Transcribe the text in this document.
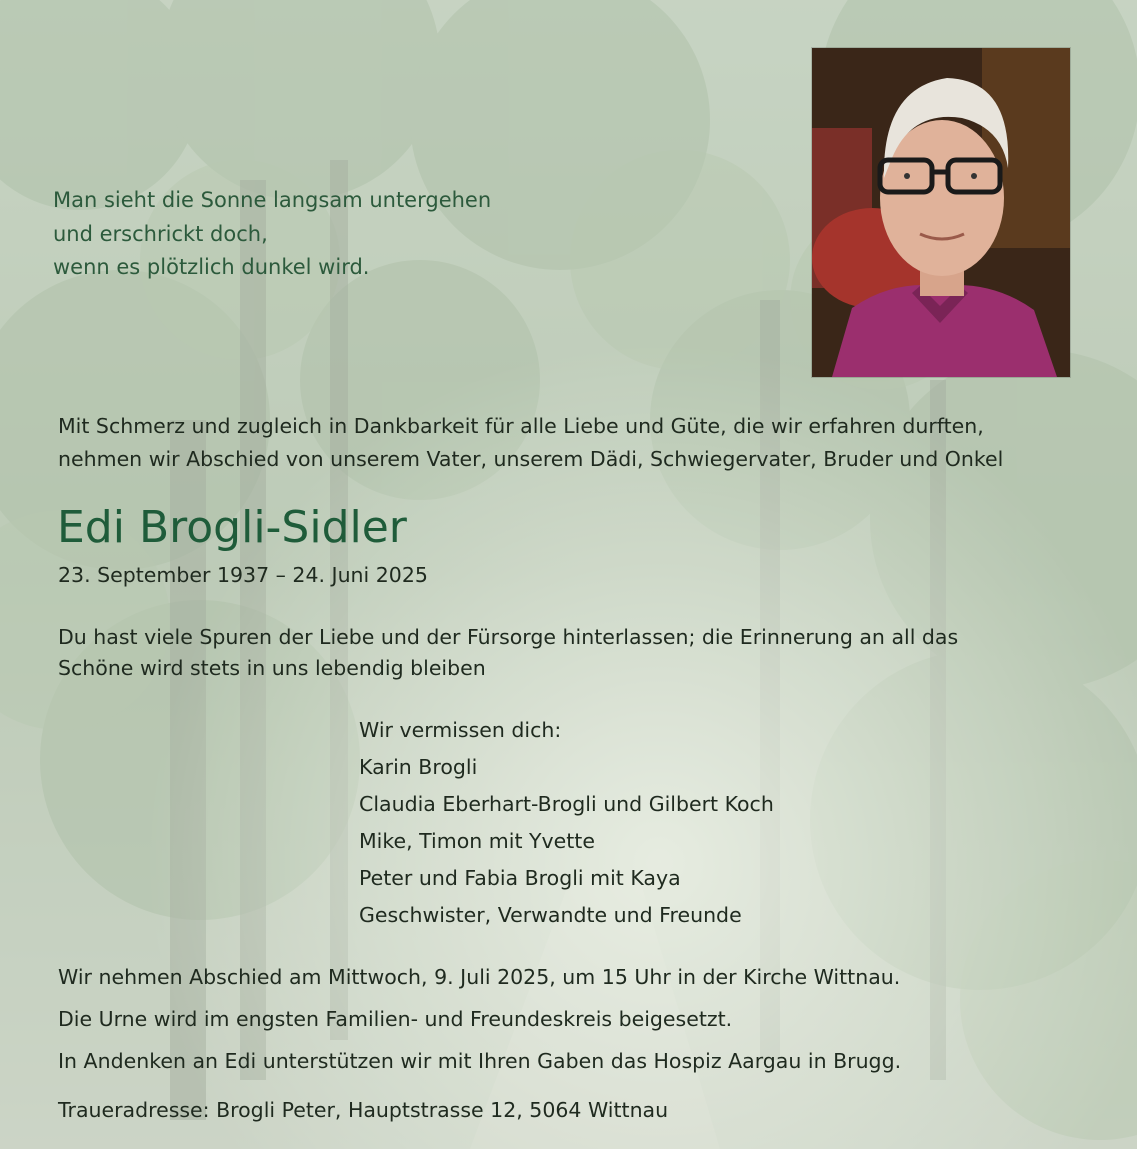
Man sieht die Sonne langsam untergehen
und erschrickt doch,
wenn es plötzlich dunkel wird.
Mit Schmerz und zugleich in Dankbarkeit für alle Liebe und Güte, die wir erfahren durften,
nehmen wir Abschied von unserem Vater, unserem Dädi, Schwiegervater, Bruder und Onkel
Edi Brogli-Sidler
23. September 1937 – 24. Juni 2025
Du hast viele Spuren der Liebe und der Fürsorge hinterlassen; die Erinnerung an all das
Schöne wird stets in uns lebendig bleiben
Wir vermissen dich:
Karin Brogli
Claudia Eberhart-Brogli und Gilbert Koch
Mike, Timon mit Yvette
Peter und Fabia Brogli mit Kaya
Geschwister, Verwandte und Freunde
Wir nehmen Abschied am Mittwoch, 9. Juli 2025, um 15 Uhr in der Kirche Wittnau.
Die Urne wird im engsten Familien- und Freundeskreis beigesetzt.
In Andenken an Edi unterstützen wir mit Ihren Gaben das Hospiz Aargau in Brugg.
Traueradresse: Brogli Peter, Hauptstrasse 12, 5064 Wittnau
